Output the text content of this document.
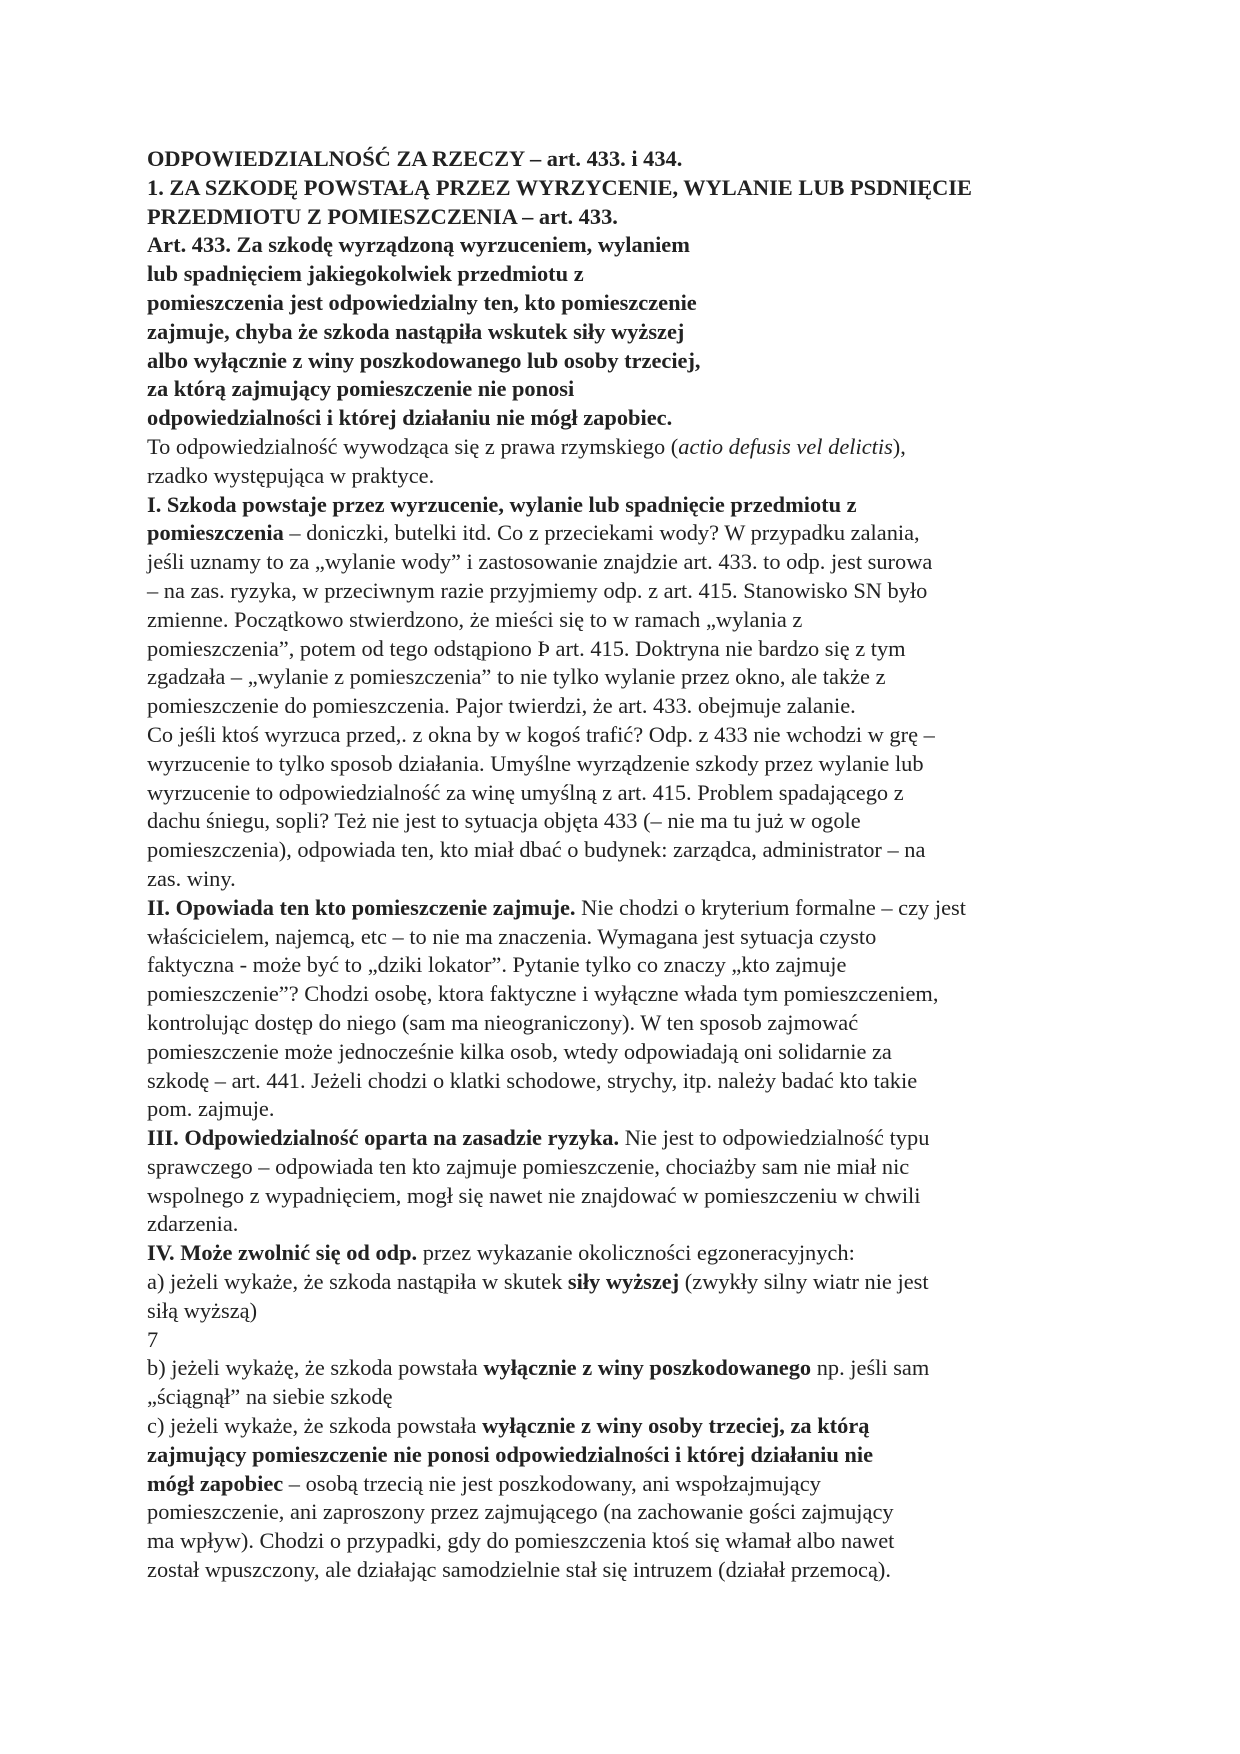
ODPOWIEDZIALNOŚĆ ZA RZECZY – art. 433. i 434.
1. ZA SZKODĘ POWSTAŁĄ PRZEZ WYRZYCENIE, WYLANIE LUB PSDNIĘCIE
PRZEDMIOTU Z POMIESZCZENIA – art. 433.
Art. 433. Za szkodę wyrządzoną wyrzuceniem, wylaniem
lub spadnięciem jakiegokolwiek przedmiotu z
pomieszczenia jest odpowiedzialny ten, kto pomieszczenie
zajmuje, chyba że szkoda nastąpiła wskutek siły wyższej
albo wyłącznie z winy poszkodowanego lub osoby trzeciej,
za którą zajmujący pomieszczenie nie ponosi
odpowiedzialności i której działaniu nie mógł zapobiec.
To odpowiedzialność wywodząca się z prawa rzymskiego (actio defusis vel delictis),
rzadko występująca w praktyce.
I. Szkoda powstaje przez wyrzucenie, wylanie lub spadnięcie przedmiotu z
pomieszczenia – doniczki, butelki itd. Co z przeciekami wody? W przypadku zalania,
jeśli uznamy to za „wylanie wody” i zastosowanie znajdzie art. 433. to odp. jest surowa
– na zas. ryzyka, w przeciwnym razie przyjmiemy odp. z art. 415. Stanowisko SN było
zmienne. Początkowo stwierdzono, że mieści się to w ramach „wylania z
pomieszczenia”, potem od tego odstąpiono Þ art. 415. Doktryna nie bardzo się z tym
zgadzała – „wylanie z pomieszczenia” to nie tylko wylanie przez okno, ale także z
pomieszczenie do pomieszczenia. Pajor twierdzi, że art. 433. obejmuje zalanie.
Co jeśli ktoś wyrzuca przed,. z okna by w kogoś trafić? Odp. z 433 nie wchodzi w grę –
wyrzucenie to tylko sposob działania. Umyślne wyrządzenie szkody przez wylanie lub
wyrzucenie to odpowiedzialność za winę umyślną z art. 415. Problem spadającego z
dachu śniegu, sopli? Też nie jest to sytuacja objęta 433 (– nie ma tu już w ogole
pomieszczenia), odpowiada ten, kto miał dbać o budynek: zarządca, administrator – na
zas. winy.
II. Opowiada ten kto pomieszczenie zajmuje. Nie chodzi o kryterium formalne – czy jest
właścicielem, najemcą, etc – to nie ma znaczenia. Wymagana jest sytuacja czysto
faktyczna - może być to „dziki lokator”. Pytanie tylko co znaczy „kto zajmuje
pomieszczenie”? Chodzi osobę, ktora faktyczne i wyłączne włada tym pomieszczeniem,
kontrolując dostęp do niego (sam ma nieograniczony). W ten sposob zajmować
pomieszczenie może jednocześnie kilka osob, wtedy odpowiadają oni solidarnie za
szkodę – art. 441. Jeżeli chodzi o klatki schodowe, strychy, itp. należy badać kto takie
pom. zajmuje.
III. Odpowiedzialność oparta na zasadzie ryzyka. Nie jest to odpowiedzialność typu
sprawczego – odpowiada ten kto zajmuje pomieszczenie, chociażby sam nie miał nic
wspolnego z wypadnięciem, mogł się nawet nie znajdować w pomieszczeniu w chwili
zdarzenia.
IV. Może zwolnić się od odp. przez wykazanie okoliczności egzoneracyjnych:
a) jeżeli wykaże, że szkoda nastąpiła w skutek siły wyższej (zwykły silny wiatr nie jest
siłą wyższą)
7
b) jeżeli wykażę, że szkoda powstała wyłącznie z winy poszkodowanego np. jeśli sam
„ściągnął” na siebie szkodę
c) jeżeli wykaże, że szkoda powstała wyłącznie z winy osoby trzeciej, za którą
zajmujący pomieszczenie nie ponosi odpowiedzialności i której działaniu nie
mógł zapobiec – osobą trzecią nie jest poszkodowany, ani wspołzajmujący
pomieszczenie, ani zaproszony przez zajmującego (na zachowanie gości zajmujący
ma wpływ). Chodzi o przypadki, gdy do pomieszczenia ktoś się włamał albo nawet
został wpuszczony, ale działając samodzielnie stał się intruzem (działał przemocą).
